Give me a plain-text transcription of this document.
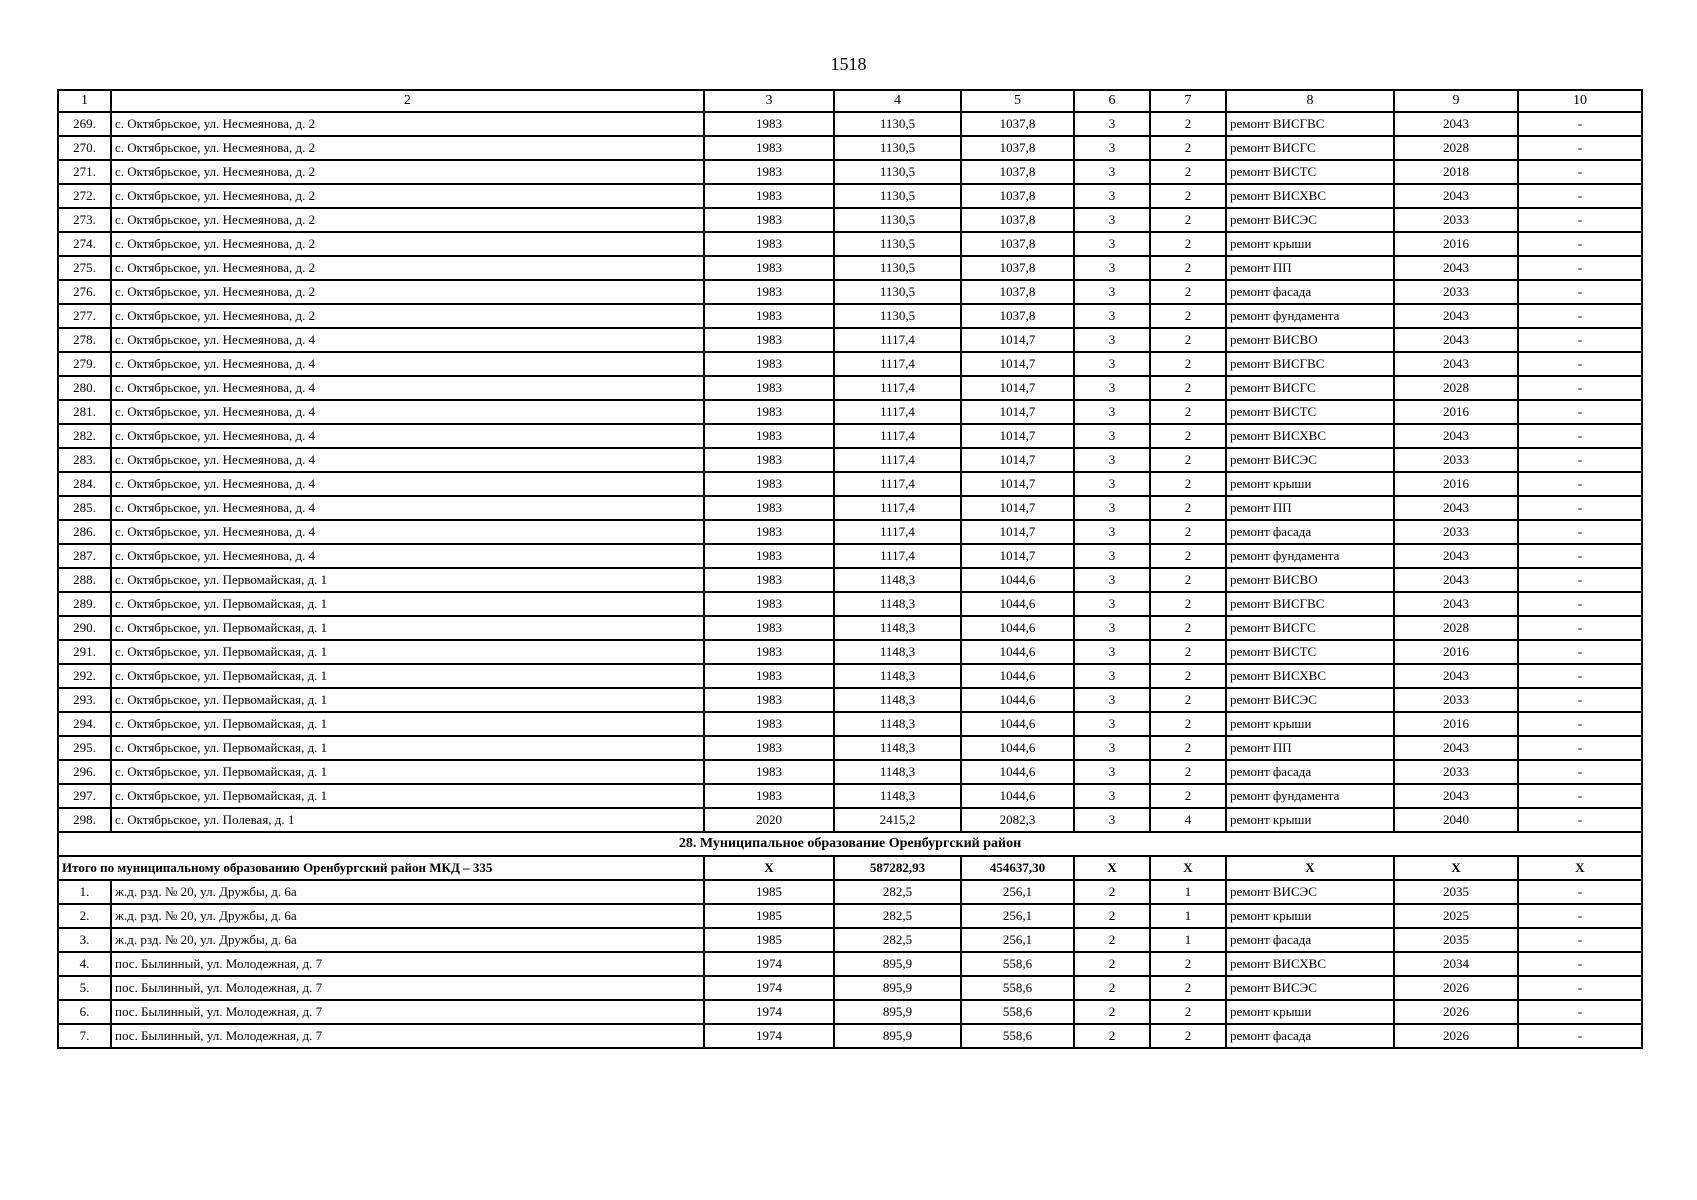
1518
1	2	3	4	5	6	7	8	9	10
269.	с. Октябрьское, ул. Несмеянова, д. 2	1983	1130,5	1037,8	3	2	ремонт ВИСГВС	2043	-
270.	с. Октябрьское, ул. Несмеянова, д. 2	1983	1130,5	1037,8	3	2	ремонт ВИСГС	2028	-
271.	с. Октябрьское, ул. Несмеянова, д. 2	1983	1130,5	1037,8	3	2	ремонт ВИСТС	2018	-
272.	с. Октябрьское, ул. Несмеянова, д. 2	1983	1130,5	1037,8	3	2	ремонт ВИСХВС	2043	-
273.	с. Октябрьское, ул. Несмеянова, д. 2	1983	1130,5	1037,8	3	2	ремонт ВИСЭС	2033	-
274.	с. Октябрьское, ул. Несмеянова, д. 2	1983	1130,5	1037,8	3	2	ремонт крыши	2016	-
275.	с. Октябрьское, ул. Несмеянова, д. 2	1983	1130,5	1037,8	3	2	ремонт ПП	2043	-
276.	с. Октябрьское, ул. Несмеянова, д. 2	1983	1130,5	1037,8	3	2	ремонт фасада	2033	-
277.	с. Октябрьское, ул. Несмеянова, д. 2	1983	1130,5	1037,8	3	2	ремонт фундамента	2043	-
278.	с. Октябрьское, ул. Несмеянова, д. 4	1983	1117,4	1014,7	3	2	ремонт ВИСВО	2043	-
279.	с. Октябрьское, ул. Несмеянова, д. 4	1983	1117,4	1014,7	3	2	ремонт ВИСГВС	2043	-
280.	с. Октябрьское, ул. Несмеянова, д. 4	1983	1117,4	1014,7	3	2	ремонт ВИСГС	2028	-
281.	с. Октябрьское, ул. Несмеянова, д. 4	1983	1117,4	1014,7	3	2	ремонт ВИСТС	2016	-
282.	с. Октябрьское, ул. Несмеянова, д. 4	1983	1117,4	1014,7	3	2	ремонт ВИСХВС	2043	-
283.	с. Октябрьское, ул. Несмеянова, д. 4	1983	1117,4	1014,7	3	2	ремонт ВИСЭС	2033	-
284.	с. Октябрьское, ул. Несмеянова, д. 4	1983	1117,4	1014,7	3	2	ремонт крыши	2016	-
285.	с. Октябрьское, ул. Несмеянова, д. 4	1983	1117,4	1014,7	3	2	ремонт ПП	2043	-
286.	с. Октябрьское, ул. Несмеянова, д. 4	1983	1117,4	1014,7	3	2	ремонт фасада	2033	-
287.	с. Октябрьское, ул. Несмеянова, д. 4	1983	1117,4	1014,7	3	2	ремонт фундамента	2043	-
288.	с. Октябрьское, ул. Первомайская, д. 1	1983	1148,3	1044,6	3	2	ремонт ВИСВО	2043	-
289.	с. Октябрьское, ул. Первомайская, д. 1	1983	1148,3	1044,6	3	2	ремонт ВИСГВС	2043	-
290.	с. Октябрьское, ул. Первомайская, д. 1	1983	1148,3	1044,6	3	2	ремонт ВИСГС	2028	-
291.	с. Октябрьское, ул. Первомайская, д. 1	1983	1148,3	1044,6	3	2	ремонт ВИСТС	2016	-
292.	с. Октябрьское, ул. Первомайская, д. 1	1983	1148,3	1044,6	3	2	ремонт ВИСХВС	2043	-
293.	с. Октябрьское, ул. Первомайская, д. 1	1983	1148,3	1044,6	3	2	ремонт ВИСЭС	2033	-
294.	с. Октябрьское, ул. Первомайская, д. 1	1983	1148,3	1044,6	3	2	ремонт крыши	2016	-
295.	с. Октябрьское, ул. Первомайская, д. 1	1983	1148,3	1044,6	3	2	ремонт ПП	2043	-
296.	с. Октябрьское, ул. Первомайская, д. 1	1983	1148,3	1044,6	3	2	ремонт фасада	2033	-
297.	с. Октябрьское, ул. Первомайская, д. 1	1983	1148,3	1044,6	3	2	ремонт фундамента	2043	-
298.	с. Октябрьское, ул. Полевая, д. 1	2020	2415,2	2082,3	3	4	ремонт крыши	2040	-
28. Муниципальное образование Оренбургский район									
Итого по муниципальному образованию Оренбургский район МКД – 335		X	587282,93	454637,30	X	X	X	X	X
1.	ж.д. рзд. № 20, ул. Дружбы, д. 6а	1985	282,5	256,1	2	1	ремонт ВИСЭС	2035	-
2.	ж.д. рзд. № 20, ул. Дружбы, д. 6а	1985	282,5	256,1	2	1	ремонт крыши	2025	-
3.	ж.д. рзд. № 20, ул. Дружбы, д. 6а	1985	282,5	256,1	2	1	ремонт фасада	2035	-
4.	пос. Былинный, ул. Молодежная, д. 7	1974	895,9	558,6	2	2	ремонт ВИСХВС	2034	-
5.	пос. Былинный, ул. Молодежная, д. 7	1974	895,9	558,6	2	2	ремонт ВИСЭС	2026	-
6.	пос. Былинный, ул. Молодежная, д. 7	1974	895,9	558,6	2	2	ремонт крыши	2026	-
7.	пос. Былинный, ул. Молодежная, д. 7	1974	895,9	558,6	2	2	ремонт фасада	2026	-
